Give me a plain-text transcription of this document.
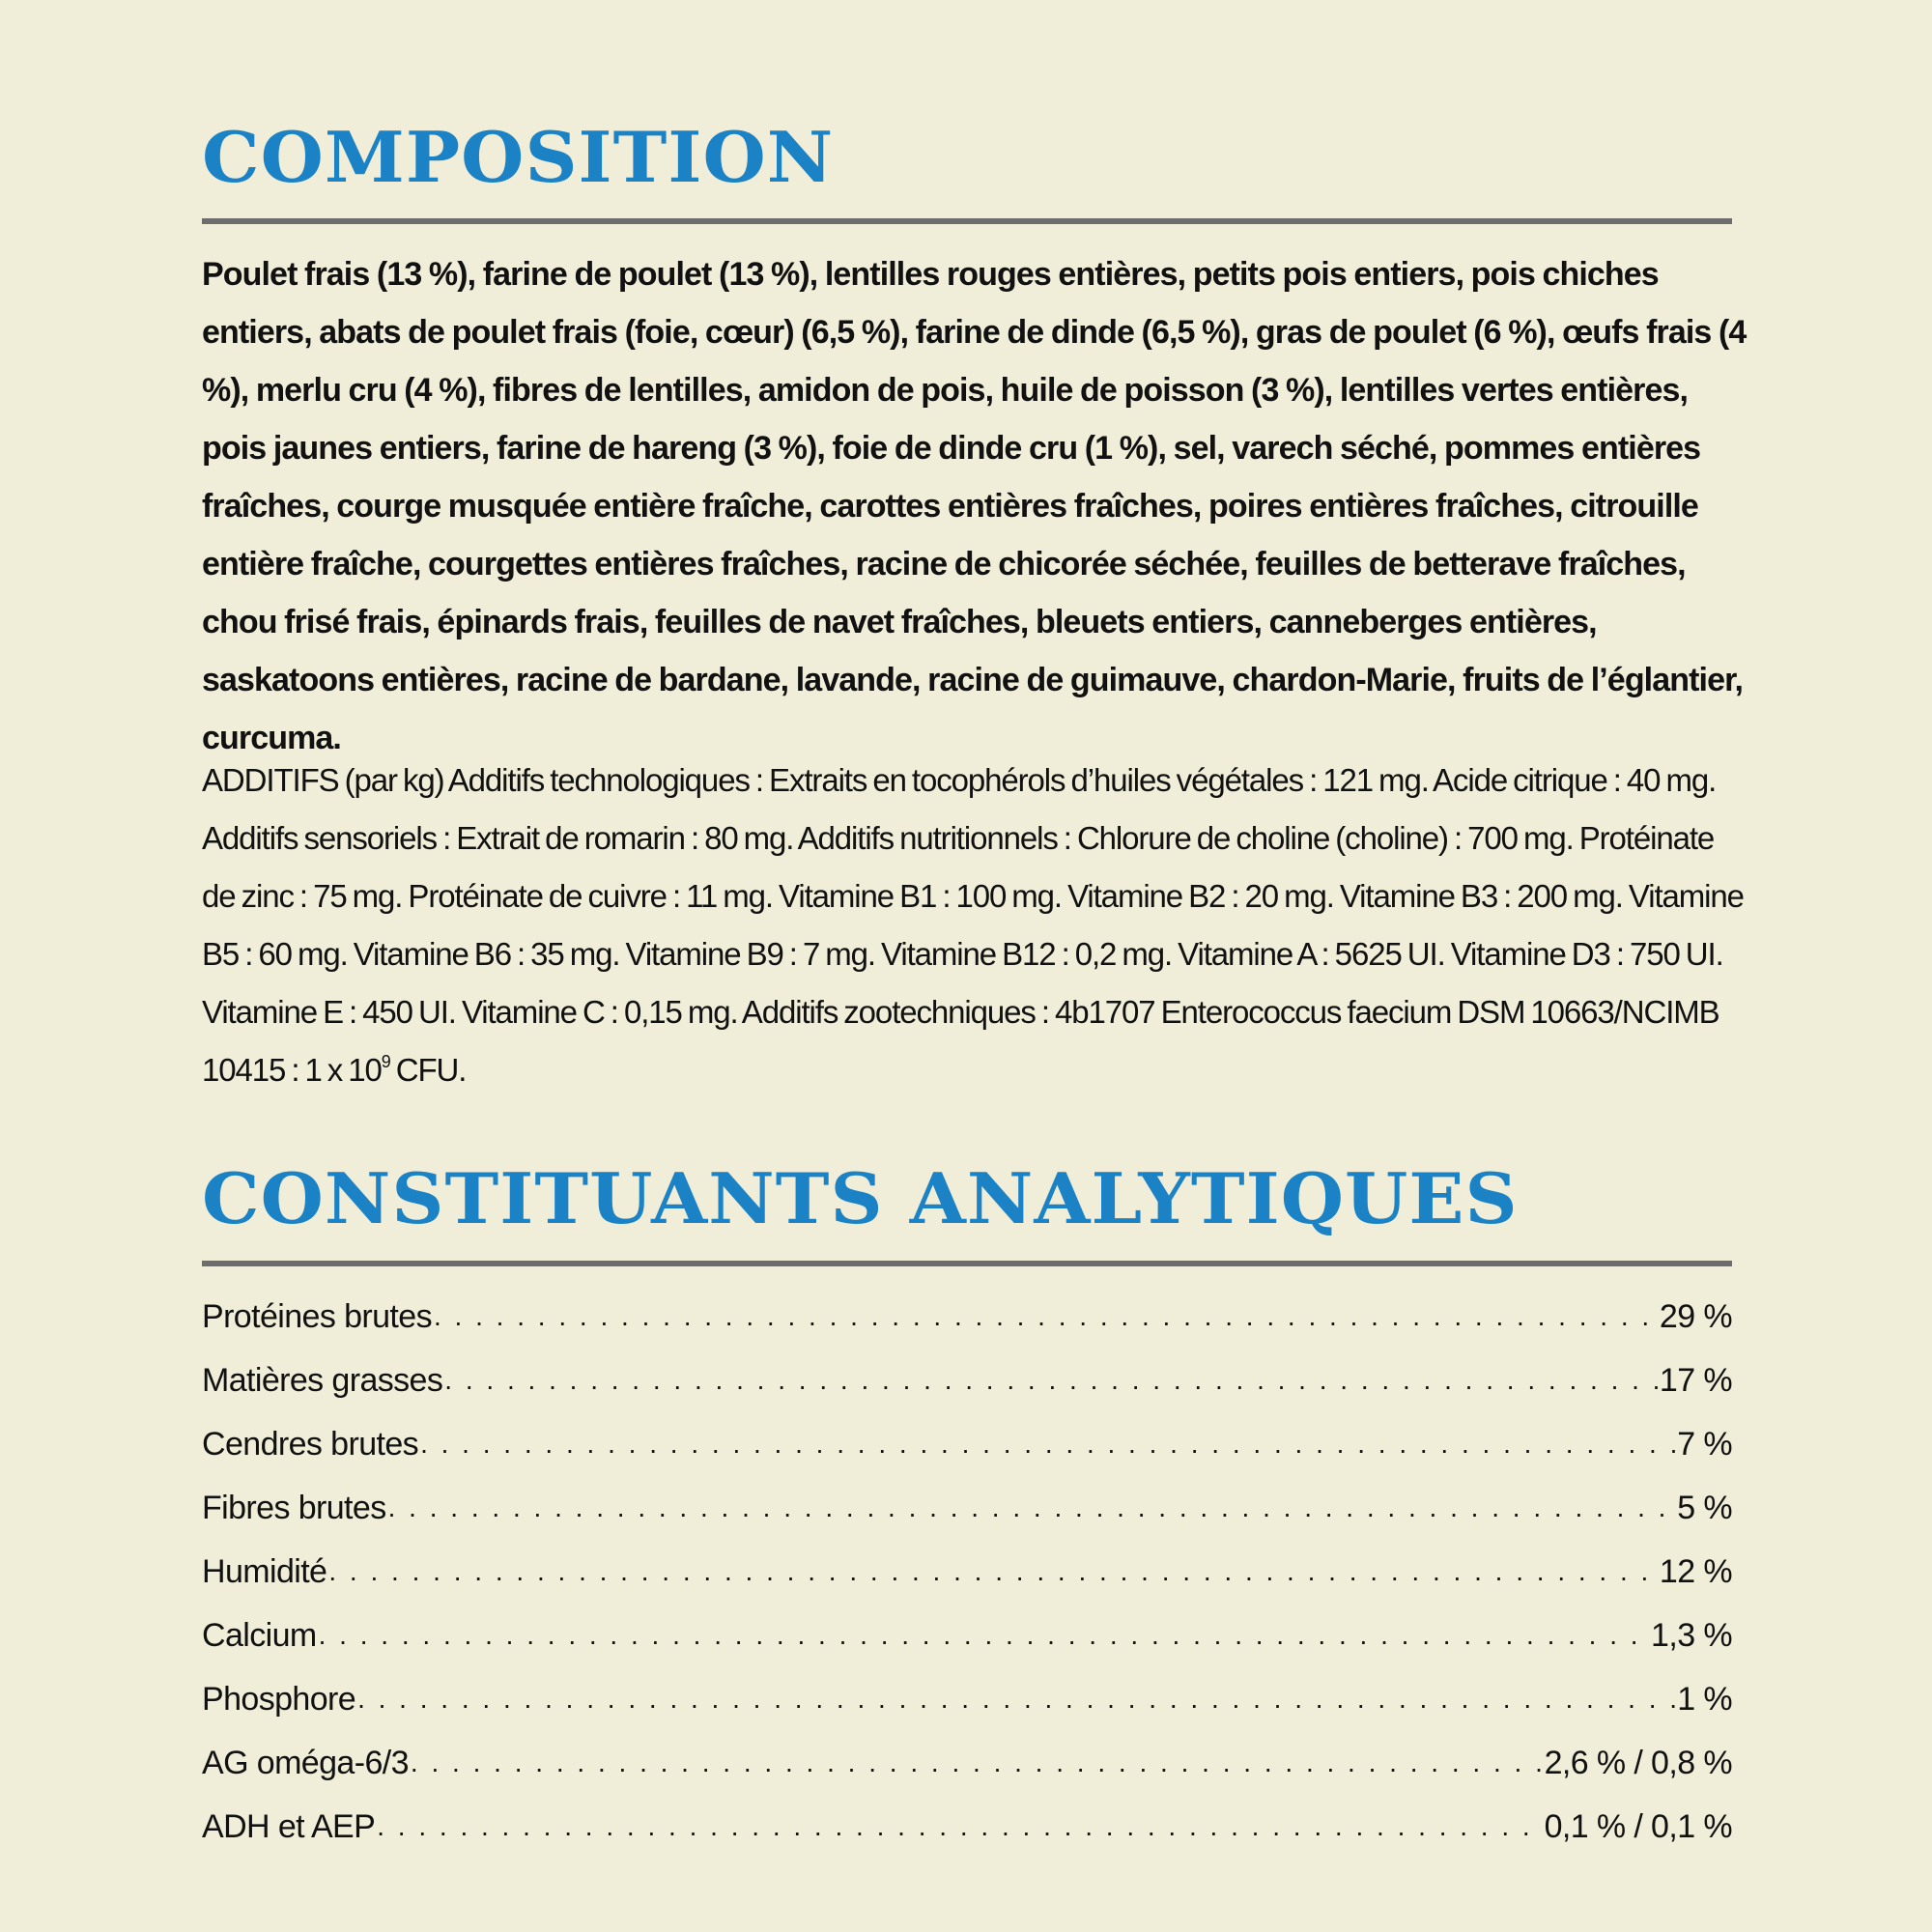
COMPOSITION

Poulet frais (13 %), farine de poulet (13 %), lentilles rouges entières, petits pois entiers, pois chiches entiers, abats de poulet frais (foie, cœur) (6,5 %), farine de dinde (6,5 %), gras de poulet (6 %), œufs frais (4 %), merlu cru (4 %), fibres de lentilles, amidon de pois, huile de poisson (3 %), lentilles vertes entières, pois jaunes entiers, farine de hareng (3 %), foie de dinde cru (1 %), sel, varech séché, pommes entières fraîches, courge musquée entière fraîche, carottes entières fraîches, poires entières fraîches, citrouille entière fraîche, courgettes entières fraîches, racine de chicorée séchée, feuilles de betterave fraîches, chou frisé frais, épinards frais, feuilles de navet fraîches, bleuets entiers, canneberges entières, saskatoons entières, racine de bardane, lavande, racine de guimauve, chardon-Marie, fruits de l’églantier, curcuma.

ADDITIFS (par kg) Additifs technologiques : Extraits en tocophérols d’huiles végétales : 121 mg. Acide citrique : 40 mg. Additifs sensoriels : Extrait de romarin : 80 mg. Additifs nutritionnels : Chlorure de choline (choline) : 700 mg. Protéinate de zinc : 75 mg. Protéinate de cuivre : 11 mg. Vitamine B1 : 100 mg. Vitamine B2 : 20 mg. Vitamine B3 : 200 mg. Vitamine B5 : 60 mg. Vitamine B6 : 35 mg. Vitamine B9 : 7 mg. Vitamine B12 : 0,2 mg. Vitamine A : 5625 UI. Vitamine D3 : 750 UI. Vitamine E : 450 UI. Vitamine C : 0,15 mg. Additifs zootechniques : 4b1707 Enterococcus faecium DSM 10663/NCIMB 10415 : 1 x $10^9$ CFU.

CONSTITUANTS ANALYTIQUES
Protéines brutes . . .	29 %
Matières grasses . . .	17 %
Cendres brutes . . .	7 %
Fibres brutes . . .	5 %
Humidité . . .	12 %
Calcium . . .	1,3 %
Phosphore . . .	1 %
AG oméga-6/3 . . .	2,6 % / 0,8 %
ADH et AEP . . .	0,1 % / 0,1 %
